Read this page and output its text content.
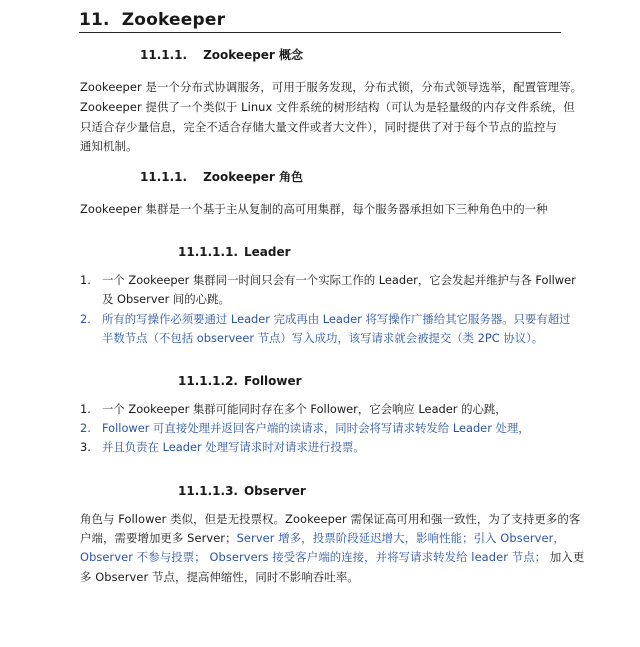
11. Zookeeper
11.1.1. Zookeeper 概念
Zookeeper 是一个分布式协调服务，可用于服务发现，分布式锁，分布式领导选举，配置管理等。
Zookeeper 提供了一个类似于 Linux 文件系统的树形结构（可认为是轻量级的内存文件系统，但
只适合存少量信息，完全不适合存储大量文件或者大文件），同时提供了对于每个节点的监控与
通知机制。
11.1.1. Zookeeper 角色
Zookeeper 集群是一个基于主从复制的高可用集群，每个服务器承担如下三种角色中的一种
11.1.1.1. Leader
1. 一个 Zookeeper 集群同一时间只会有一个实际工作的 Leader，它会发起并维护与各 Follwer
及 Observer 间的心跳。
2. 所有的写操作必须要通过 Leader 完成再由 Leader 将写操作广播给其它服务器。只要有超过
半数节点（不包括 observeer 节点）写入成功，该写请求就会被提交（类 2PC 协议）。
11.1.1.2. Follower
1. 一个 Zookeeper 集群可能同时存在多个 Follower，它会响应 Leader 的心跳，
2. Follower 可直接处理并返回客户端的读请求，同时会将写请求转发给 Leader 处理，
3. 并且负责在 Leader 处理写请求时对请求进行投票。
11.1.1.3. Observer
角色与 Follower 类似，但是无投票权。Zookeeper 需保证高可用和强一致性，为了支持更多的客
户端，需要增加更多 Server；Server 增多，投票阶段延迟增大，影响性能；引入 Observer，
Observer 不参与投票； Observers 接受客户端的连接，并将写请求转发给 leader 节点； 加入更
多 Observer 节点，提高伸缩性，同时不影响吞吐率。
